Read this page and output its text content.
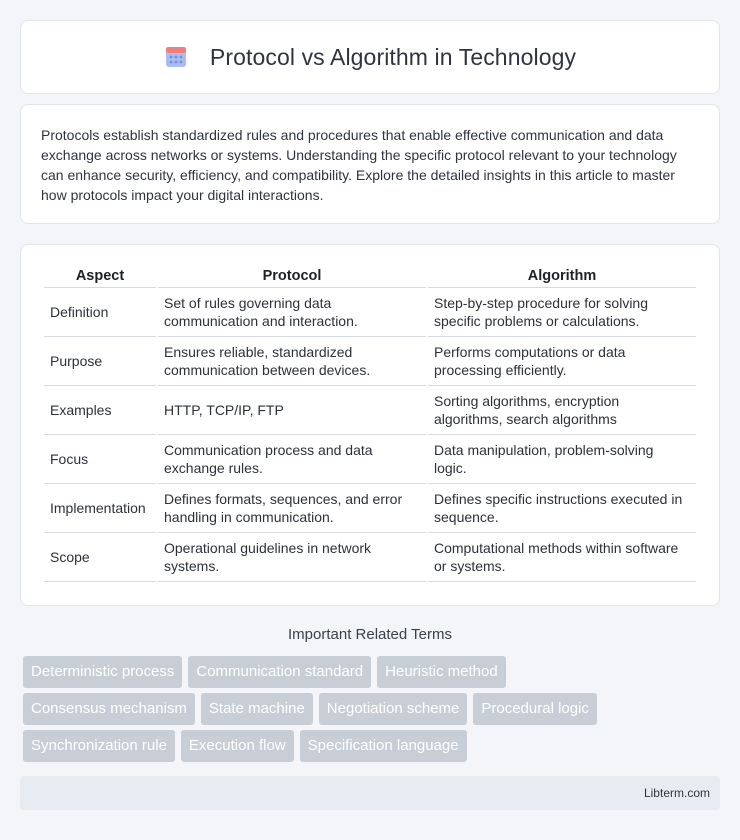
Protocol vs Algorithm in Technology

Protocols establish standardized rules and procedures that enable effective communication and data exchange across networks or systems. Understanding the specific protocol relevant to your technology can enhance security, efficiency, and compatibility. Explore the detailed insights in this article to master how protocols impact your digital interactions.

Aspect	Protocol	Algorithm
Definition	Set of rules governing data communication and interaction.	Step-by-step procedure for solving specific problems or calculations.
Purpose	Ensures reliable, standardized communication between devices.	Performs computations or data processing efficiently.
Examples	HTTP, TCP/IP, FTP	Sorting algorithms, encryption algorithms, search algorithms
Focus	Communication process and data exchange rules.	Data manipulation, problem-solving logic.
Implementation	Defines formats, sequences, and error handling in communication.	Defines specific instructions executed in sequence.
Scope	Operational guidelines in network systems.	Computational methods within software or systems.
Important Related Terms
Deterministic process	Communication standard	Heuristic method
Consensus mechanism	State machine	Negotiation scheme	Procedural logic
Synchronization rule	Execution flow	Specification language
Libterm.com
